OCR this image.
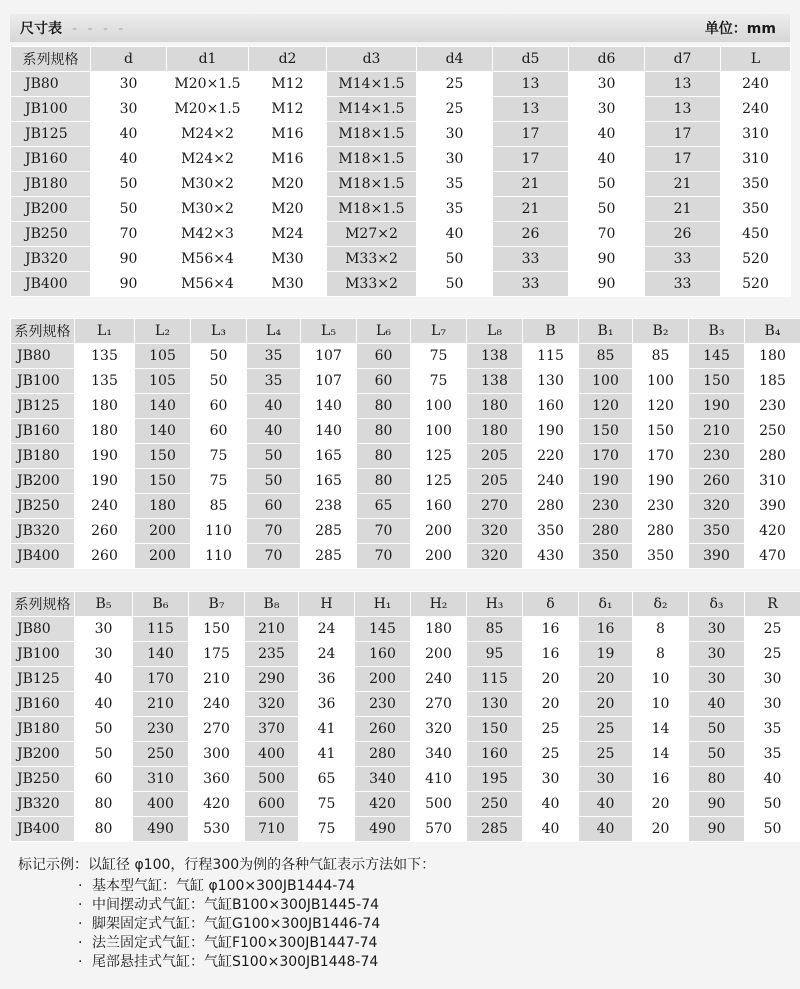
尺寸表 - - - -	单位：mm
系列规格	d	d1	d2	d3	d4	d5	d6	d7	L
JB80	30	M20×1.5	M12	M14×1.5	25	13	30	13	240
JB100	30	M20×1.5	M12	M14×1.5	25	13	30	13	240
JB125	40	M24×2	M16	M18×1.5	30	17	40	17	310
JB160	40	M24×2	M16	M18×1.5	30	17	40	17	310
JB180	50	M30×2	M20	M18×1.5	35	21	50	21	350
JB200	50	M30×2	M20	M18×1.5	35	21	50	21	350
JB250	70	M42×3	M24	M27×2	40	26	70	26	450
JB320	90	M56×4	M30	M33×2	50	33	90	33	520
JB400	90	M56×4	M30	M33×2	50	33	90	33	520
系列规格	L₁	L₂	L₃	L₄	L₅	L₆	L₇	L₈	B	B₁	B₂	B₃	B₄
JB80	135	105	50	35	107	60	75	138	115	85	85	145	180
JB100	135	105	50	35	107	60	75	138	130	100	100	150	185
JB125	180	140	60	40	140	80	100	180	160	120	120	190	230
JB160	180	140	60	40	140	80	100	180	190	150	150	210	250
JB180	190	150	75	50	165	80	125	205	220	170	170	230	280
JB200	190	150	75	50	165	80	125	205	240	190	190	260	310
JB250	240	180	85	60	238	65	160	270	280	230	230	320	390
JB320	260	200	110	70	285	70	200	320	350	280	280	350	420
JB400	260	200	110	70	285	70	200	320	430	350	350	390	470
系列规格	B₅	B₆	B₇	B₈	H	H₁	H₂	H₃	δ	δ₁	δ₂	δ₃	R
JB80	30	115	150	210	24	145	180	85	16	16	8	30	25
JB100	30	140	175	235	24	160	200	95	16	19	8	30	25
JB125	40	170	210	290	36	200	240	115	20	20	10	30	30
JB160	40	210	240	320	36	230	270	130	20	20	10	40	30
JB180	50	230	270	370	41	260	320	150	25	25	14	50	35
JB200	50	250	300	400	41	280	340	160	25	25	14	50	35
JB250	60	310	360	500	65	340	410	195	30	30	16	80	40
JB320	80	400	420	600	75	420	500	250	40	40	20	90	50
JB400	80	490	530	710	75	490	570	285	40	40	20	90	50
标记示例：以缸径 φ100，行程300为例的各种气缸表示方法如下：
· 基本型气缸：气缸 φ100×300JB1444-74
· 中间摆动式气缸：气缸B100×300JB1445-74
· 脚架固定式气缸：气缸G100×300JB1446-74
· 法兰固定式气缸：气缸F100×300JB1447-74
· 尾部悬挂式气缸：气缸S100×300JB1448-74
